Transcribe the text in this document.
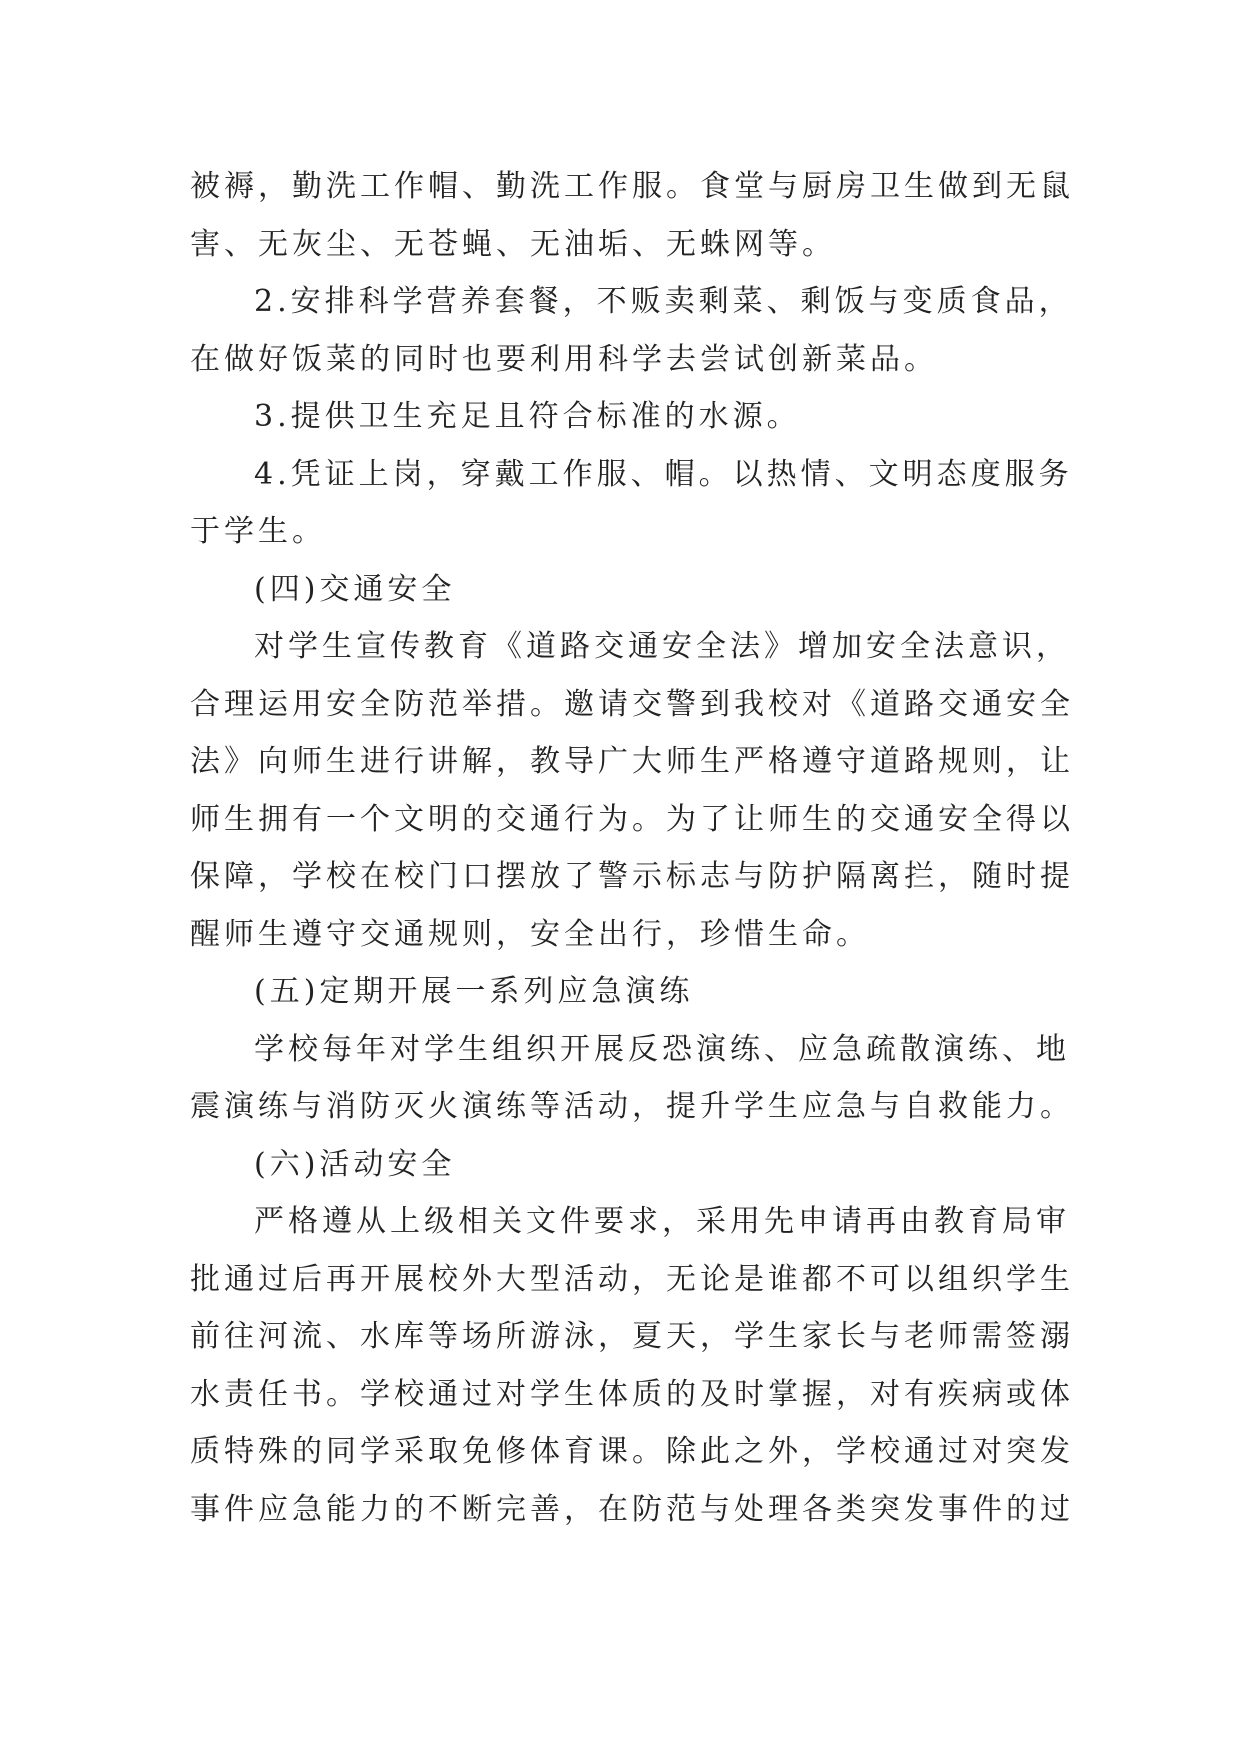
被褥，勤洗工作帽、勤洗工作服。食堂与厨房卫生做到无鼠
害、无灰尘、无苍蝇、无油垢、无蛛网等。
2.安排科学营养套餐，不贩卖剩菜、剩饭与变质食品，
在做好饭菜的同时也要利用科学去尝试创新菜品。
3.提供卫生充足且符合标准的水源。
4.凭证上岗，穿戴工作服、帽。以热情、文明态度服务
于学生。
(四)交通安全
对学生宣传教育《道路交通安全法》增加安全法意识，
合理运用安全防范举措。邀请交警到我校对《道路交通安全
法》向师生进行讲解，教导广大师生严格遵守道路规则，让
师生拥有一个文明的交通行为。为了让师生的交通安全得以
保障，学校在校门口摆放了警示标志与防护隔离拦，随时提
醒师生遵守交通规则，安全出行，珍惜生命。
(五)定期开展一系列应急演练
学校每年对学生组织开展反恐演练、应急疏散演练、地
震演练与消防灭火演练等活动，提升学生应急与自救能力。
(六)活动安全
严格遵从上级相关文件要求，采用先申请再由教育局审
批通过后再开展校外大型活动，无论是谁都不可以组织学生
前往河流、水库等场所游泳，夏天，学生家长与老师需签溺
水责任书。学校通过对学生体质的及时掌握，对有疾病或体
质特殊的同学采取免修体育课。除此之外，学校通过对突发
事件应急能力的不断完善，在防范与处理各类突发事件的过
